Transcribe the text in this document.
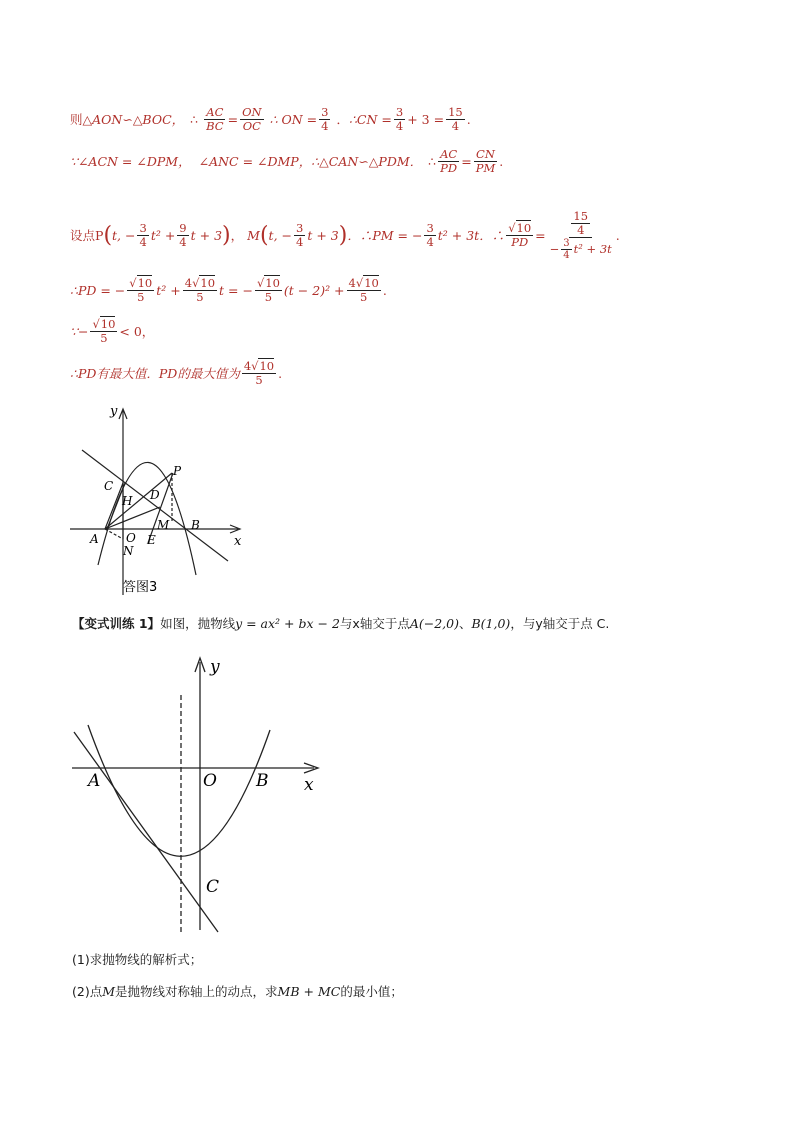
则 △AON∽△BOC， ∴ $\frac{AC}{BC} = \frac{ON}{OC}$ ∴ ON = $\frac{3}{4}$ ． ∴CN = $\frac{3}{4} + 3 = \frac{15}{4}$ .
∵∠ACN = ∠DPM， ∠ANC = ∠DMP， ∴△CAN∽△PDM． ∴ $\frac{AC}{PD} = \frac{CN}{PM}$ .
设点 P ( t, − $\frac{3}{4} t^2 + \frac{9}{4}$ t + 3 ) ， M ( t, − $\frac{3}{4}$ t + 3 ) ．∴PM = − $\frac{3}{4} t^2 + 3t$．∴ $\frac{√10}{PD} = \frac{\frac{15}{4}}{- \frac{3}{4} t^2 + 3t}$ .
∴PD = − $\frac{√10}{5} t^2 + \frac{4√10}{5}$ t = − $\frac{√10}{5} (t - 2)^2 + \frac{4√10}{5}$ .
∵− $\frac{√10}{5} < 0$，
∴PD有最大值．PD的最大值为 $\frac{4√10}{5}$ .
y
x
P
C
D
H
M B
A O E
N
答图3
【变式训练 1】 如图，抛物线 y = ax² + bx − 2 与x轴交于点 A(−2,0) 、 B(1,0) ，与y轴交于点 C.
y
x
A	O B
C
(1)求抛物线的解析式；
(2)点 M 是抛物线对称轴上的动点，求 MB + MC 的最小值；
